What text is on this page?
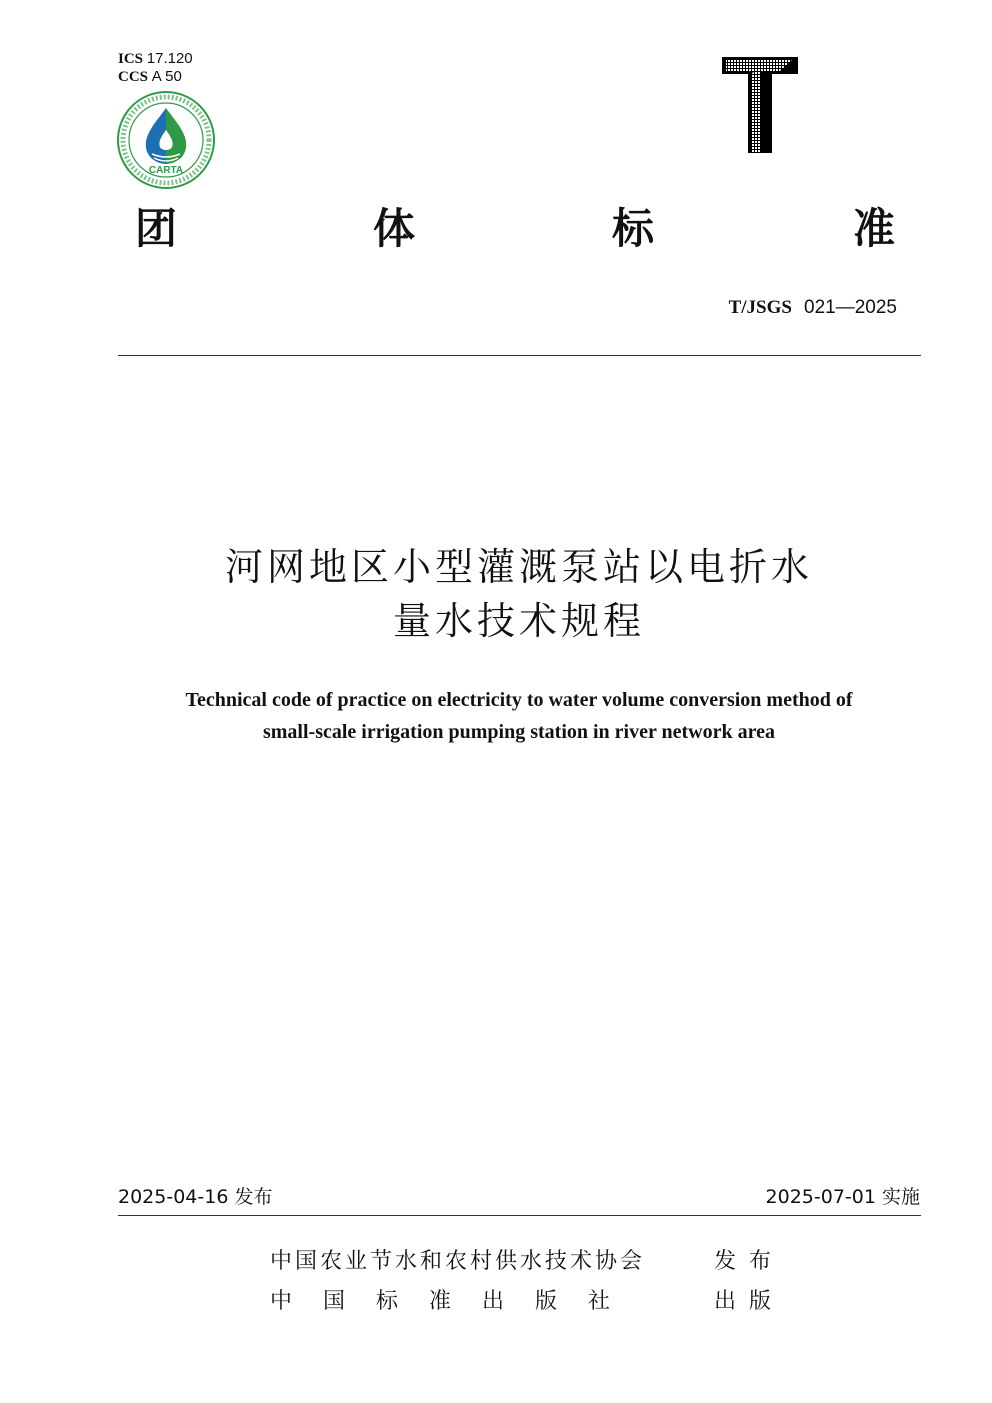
ICS 17.120
CCS A 50
CARTA
团	体	标	准
T/JSGS 021—2025
河网地区小型灌溉泵站以电折水
量水技术规程
Technical code of practice on electricity to water volume conversion method of
small-scale irrigation pumping station in river network area
2025-04-16 发布	2025-07-01 实施
中国农业节水和农村供水技术协会	发 布
中 国 标 准 出 版 社	出 版
